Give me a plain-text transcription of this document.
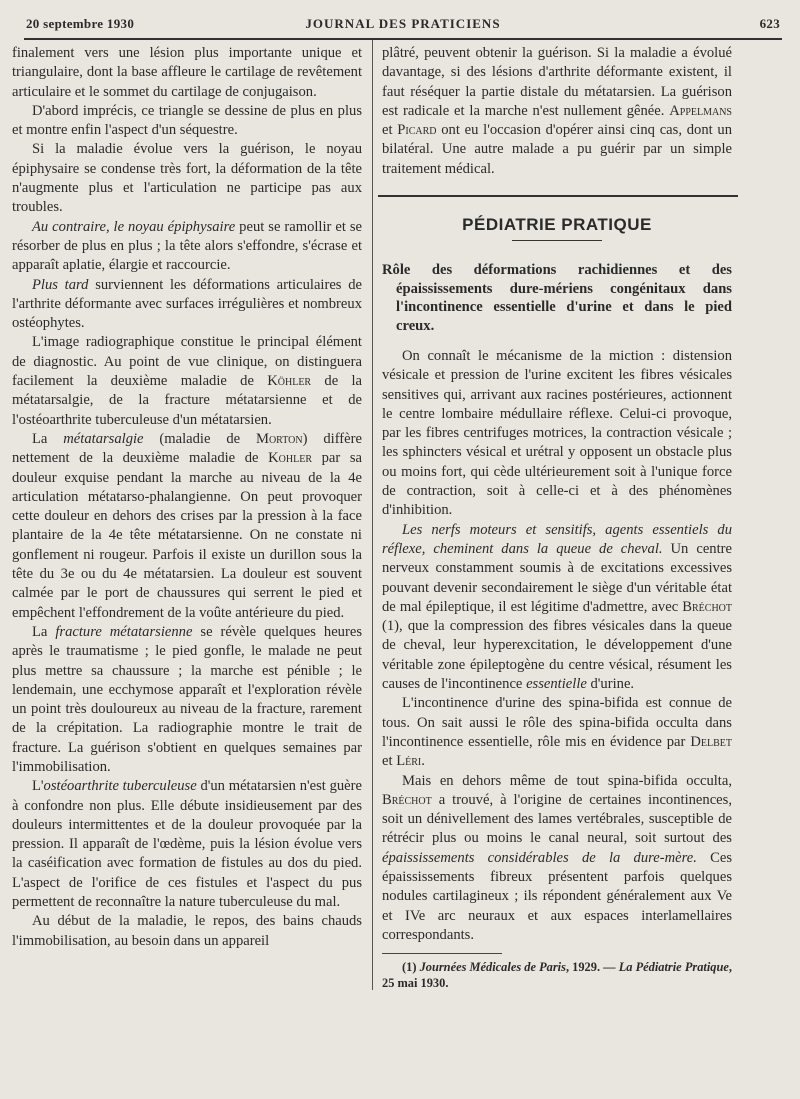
20 septembre 1930	JOURNAL DES PRATICIENS	623

finalement vers une lésion plus importante unique et triangulaire, dont la base affleure le cartilage de revêtement articulaire et le sommet du cartilage de conjugaison.

D'abord imprécis, ce triangle se dessine de plus en plus et montre enfin l'aspect d'un séquestre.

Si la maladie évolue vers la guérison, le noyau épiphysaire se condense très fort, la déformation de la tête n'augmente plus et l'articulation ne participe pas aux troubles.

Au contraire, le noyau épiphysaire peut se ramollir et se résorber de plus en plus ; la tête alors s'effondre, s'écrase et apparaît aplatie, élargie et raccourcie.

Plus tard surviennent les déformations articulaires de l'arthrite déformante avec surfaces irrégulières et nombreux ostéophytes.

L'image radiographique constitue le principal élément de diagnostic. Au point de vue clinique, on distinguera facilement la deuxième maladie de Köhler de la métatarsalgie, de la fracture métatarsienne et de l'ostéoarthrite tuberculeuse d'un métatarsien.

La métatarsalgie (maladie de Morton) diffère nettement de la deuxième maladie de Kohler par sa douleur exquise pendant la marche au niveau de la 4e articulation métatarso-phalangienne. On peut provoquer cette douleur en dehors des crises par la pression à la face plantaire de la 4e tête métatarsienne. On ne constate ni gonflement ni rougeur. Parfois il existe un durillon sous la tête du 3e ou du 4e métatarsien. La douleur est souvent calmée par le port de chaussures qui serrent le pied et empêchent l'effondrement de la voûte antérieure du pied.

La fracture métatarsienne se révèle quelques heures après le traumatisme ; le pied gonfle, le malade ne peut plus mettre sa chaussure ; la marche est pénible ; le lendemain, une ecchymose apparaît et l'exploration révèle un point très douloureux au niveau de la fracture, rarement de la crépitation. La radiographie montre le trait de fracture. La guérison s'obtient en quelques semaines par l'immobilisation.

L'ostéoarthrite tuberculeuse d'un métatarsien n'est guère à confondre non plus. Elle débute insidieusement par des douleurs intermittentes et de la douleur provoquée par la pression. Il apparaît de l'œdème, puis la lésion évolue vers la caséification avec formation de fistules au dos du pied. L'aspect de l'orifice de ces fistules et l'aspect du pus permettent de reconnaître la nature tuberculeuse du mal.

Au début de la maladie, le repos, des bains chauds l'immobilisation, au besoin dans un appareil

plâtré, peuvent obtenir la guérison. Si la maladie a évolué davantage, si des lésions d'arthrite déformante existent, il faut réséquer la partie distale du métatarsien. La guérison est radicale et la marche n'est nullement gênée. Appelmans et Picard ont eu l'occasion d'opérer ainsi cinq cas, dont un bilatéral. Une autre malade a pu guérir par un simple traitement médical.

PÉDIATRIE PRATIQUE
Rôle des déformations rachidiennes et des épaississements dure-mériens congénitaux dans l'incontinence essentielle d'urine et dans le pied creux.

On connaît le mécanisme de la miction : distension vésicale et pression de l'urine excitent les fibres vésicales sensitives qui, arrivant aux racines postérieures, actionnent le centre lombaire médullaire réflexe. Celui-ci provoque, par les fibres centrifuges motrices, la contraction vésicale ; les sphincters vésical et urétral y opposent un obstacle plus ou moins fort, qui cède ultérieurement soit à l'unique force de contraction, soit à celle-ci et à des phénomènes d'inhibition.

Les nerfs moteurs et sensitifs, agents essentiels du réflexe, cheminent dans la queue de cheval. Un centre nerveux constamment soumis à de excitations excessives pouvant devenir secondairement le siège d'un véritable état de mal épileptique, il est légitime d'admettre, avec Bréchot (1), que la compression des fibres vésicales dans la queue de cheval, leur hyperexcitation, le développement d'une véritable zone épileptogène du centre vésical, résument les causes de l'incontinence essentielle d'urine.

L'incontinence d'urine des spina-bifida est connue de tous. On sait aussi le rôle des spina-bifida occulta dans l'incontinence essentielle, rôle mis en évidence par Delbet et Léri.

Mais en dehors même de tout spina-bifida occulta, Bréchot a trouvé, à l'origine de certaines incontinences, soit un dénivellement des lames vertébrales, susceptible de rétrécir plus ou moins le canal neural, soit surtout des épaississements considérables de la dure-mère. Ces épaississements fibreux présentent parfois quelques nodules cartilagineux ; ils répondent généralement aux Ve et IVe arc neuraux et aux espaces interlamellaires correspondants.

(1) Journées Médicales de Paris, 1929. — La Pédiatrie Pratique, 25 mai 1930.
